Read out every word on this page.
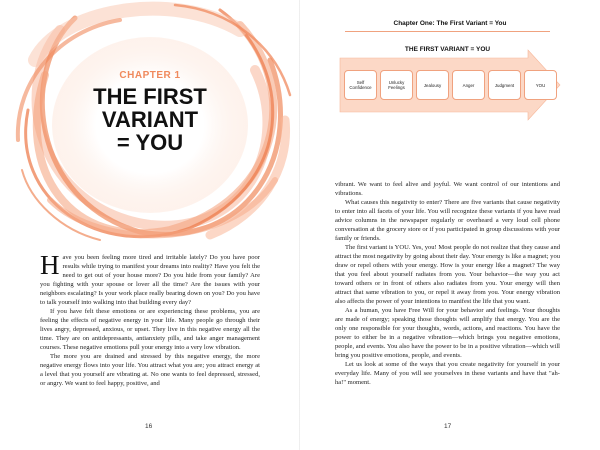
CHAPTER 1
THE FIRST
VARIANT
= YOU

Have you been feeling more tired and irritable lately? Do you have poor results while trying to manifest your dreams into reality? Have you felt the need to get out of your house more? Do you hide from your family? Are you fighting with your spouse or lover all the time? Are the issues with your neighbors escalating? Is your work place really bearing down on you? Do you have to talk yourself into walking into that building every day?

If you have felt these emotions or are experiencing these problems, you are feeling the effects of negative energy in your life. Many people go through their lives angry, depressed, anxious, or upset. They live in this negative energy all the time. They are on antidepressants, antianxiety pills, and take anger management courses. These negative emotions pull your energy into a very low vibration.

The more you are drained and stressed by this negative energy, the more negative energy flows into your life. You attract what you are; you attract energy at a level that you yourself are vibrating at. No one wants to feel depressed, stressed, or angry. We want to feel happy, positive, and

16
Chapter One: The First Variant = You
THE FIRST VARIANT = YOU
Self Confidence
Unlucky Feelings	Jealousy	Anger	Judgment	YOU

vibrant. We want to feel alive and joyful. We want control of our intentions and vibrations.

What causes this negativity to enter? There are five variants that cause negativity to enter into all facets of your life. You will recognize these variants if you have read advice columns in the newspaper regularly or overheard a very loud cell phone conversation at the grocery store or if you participated in group discussions with your family or friends.

The first variant is YOU. Yes, you! Most people do not realize that they cause and attract the most negativity by going about their day. Your energy is like a magnet; you draw or repel others with your energy. How is your energy like a magnet? The way that you feel about yourself radiates from you. Your behavior—the way you act toward others or in front of others also radiates from you. Your energy will then attract that same vibration to you, or repel it away from you. Your energy vibration also affects the power of your intentions to manifest the life that you want.

As a human, you have Free Will for your behavior and feelings. Your thoughts are made of energy; speaking those thoughts will amplify that energy. You are the only one responsible for your thoughts, words, actions, and reactions. You have the power to either be in a negative vibration—which brings you negative emotions, people, and events. You also have the power to be in a positive vibration—which will bring you positive emotions, people, and events.

Let us look at some of the ways that you create negativity for yourself in your everyday life. Many of you will see yourselves in these variants and have that "ah-ha!" moment.

17
